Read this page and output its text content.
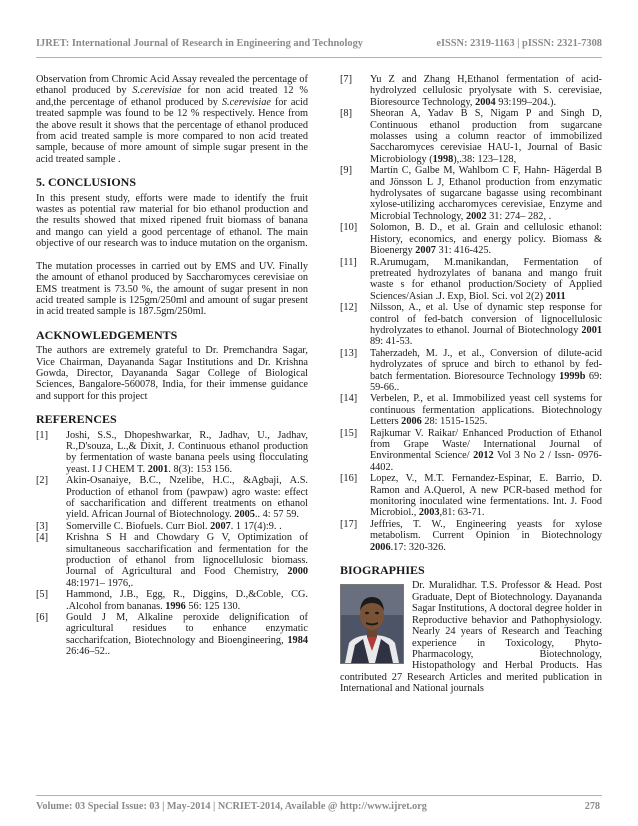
IJRET: International Journal of Research in Engineering and Technology	eISSN: 2319-1163 | pISSN: 2321-7308

Observation from Chromic Acid Assay revealed the percentage of ethanol produced by S.cerevisiae for non acid treated 12 % and,the percentage of ethanol produced by S.cerevisiae for acid treated sapmple was found to be 12 % respectively. Hence from the above result it shows that the percentage of ethanol produced from acid treated sample is more compared to non acid treated sample, because of more amount of simple sugar present in the acid treated sample .

5. CONCLUSIONS

In this present study, efforts were made to identify the fruit wastes as potential raw material for bio ethanol production and the results showed that mixed ripened fruit biomass of banana and mango can yield a good percentage of ethanol. The main objective of our research was to induce mutation on the organism.

The mutation processes in carried out by EMS and UV. Finally the amount of ethanol produced by Saccharomyces cerevisiae on EMS treatment is 73.50 %, the amount of sugar present in non acid treated sample is 125gm/250ml and amount of sugar present in acid treated sample is 187.5gm/250ml.

ACKNOWLEDGEMENTS

The authors are extremely grateful to Dr. Premchandra Sagar, Vice Chairman, Dayananda Sagar Institutions and Dr. Krishna Gowda, Director, Dayananda Sagar College of Biological Sciences, Bangalore-560078, India, for their immense guidance and support for this project

REFERENCES
[1]	Joshi, S.S., Dhopeshwarkar, R., Jadhav, U., Jadhav, R.,D'souza, L.,& Dixit, J. Continuous ethanol production by fermentation of waste banana peels using flocculating yeast. I J CHEM T. 2001. 8(3): 153 156.
[2]	Akin-Osanaiye, B.C., Nzelibe, H.C., &Agbaji, A.S. Production of ethanol from (pawpaw) agro waste: effect of saccharification and different treatments on ethanol yield. African Journal of Biotechnology. 2005.. 4: 57 59.
[3]	Somerville C. Biofuels. Curr Biol. 2007. 1 17(4):9. .
[4]	Krishna S H and Chowdary G V, Optimization of simultaneous saccharification and fermentation for the production of ethanol from lignocellulosic biomass. Journal of Agricultural and Food Chemistry, 2000 48:1971– 1976,.
[5]	Hammond, J.B., Egg, R., Diggins, D.,&Coble, CG. .Alcohol from bananas. 1996 56: 125 130.
[6]	Gould J M, Alkaline peroxide delignification of agricultural residues to enhance enzymatic saccharifcation, Biotechnology and Bioengineering, 1984 26:46–52..
[7]	Yu Z and Zhang H,Ethanol fermentation of acid-hydrolyzed cellulosic pryolysate with S. cerevisiae, Bioresource Technology, 2004 93:199–204.).
[8]	Sheoran A, Yadav B S, Nigam P and Singh D, Continuous ethanol production from sugarcane molasses using a column reactor of immobilized Saccharomyces cerevisiae HAU-1, Journal of Basic Microbiology (1998),.38: 123–128,
[9]	Martín C, Galbe M, Wahlbom C F, Hahn- Hägerdal B and Jönsson L J, Ethanol production from enzymatic hydrolysates of sugarcane bagasse using recombinant xylose-utilizing accharomyces cerevisiae, Enzyme and Microbial Technology, 2002 31: 274– 282, .
[10]	Solomon, B. D., et al. Grain and cellulosic ethanol: History, economics, and energy policy. Biomass & Bioenergy 2007 31: 416-425.
[11]	R.Arumugam, M.manikandan, Fermentation of pretreated hydrozylates of banana and mango fruit waste s for ethanol production/Society of Applied Sciences/Asian .J. Exp, Biol. Sci. vol 2(2) 2011
[12]	Nilsson, A., et al. Use of dynamic step response for control of fed-batch conversion of lignocellulosic hydrolyzates to ethanol. Journal of Biotechnology 2001 89: 41-53.
[13]	Taherzadeh, M. J., et al., Conversion of dilute-acid hydrolyzates of spruce and birch to ethanol by fed-batch fermentation. Bioresource Technology 1999b 69: 59-66..
[14]	Verbelen, P., et al. Immobilized yeast cell systems for continuous fermentation applications. Biotechnology Letters 2006 28: 1515-1525.
[15]	Rajkumar V. Raikar/ Enhanced Production of Ethanol from Grape Waste/ International Journal of Environmental Science/ 2012 Vol 3 No 2 / Issn- 0976-4402.
[16]	Lopez, V., M.T. Fernandez-Espinar, E. Barrio, D. Ramon and A.Querol, A new PCR-based method for monitoring inoculated wine fermentations. Int. J. Food Microbiol., 2003,81: 63-71.
[17]	Jeffries, T. W., Engineering yeasts for xylose metabolism. Current Opinion in Biotechnology 2006.17: 320-326.
BIOGRAPHIES

Dr. Muralidhar. T.S. Professor & Head. Post Graduate, Dept of Biotechnology. Dayananda Sagar Institutions, A doctoral degree holder in Reproductive behavior and Pathophysiology. Nearly 24 years of Research and Teaching experience in Toxicology, Phyto-Pharmacology, Biotechnology, Histopathology and Herbal Products. Has contributed 27 Research Articles and merited publication in International and National journals

Volume: 03 Special Issue: 03 | May-2014 | NCRIET-2014, Available @ http://www.ijret.org	278
